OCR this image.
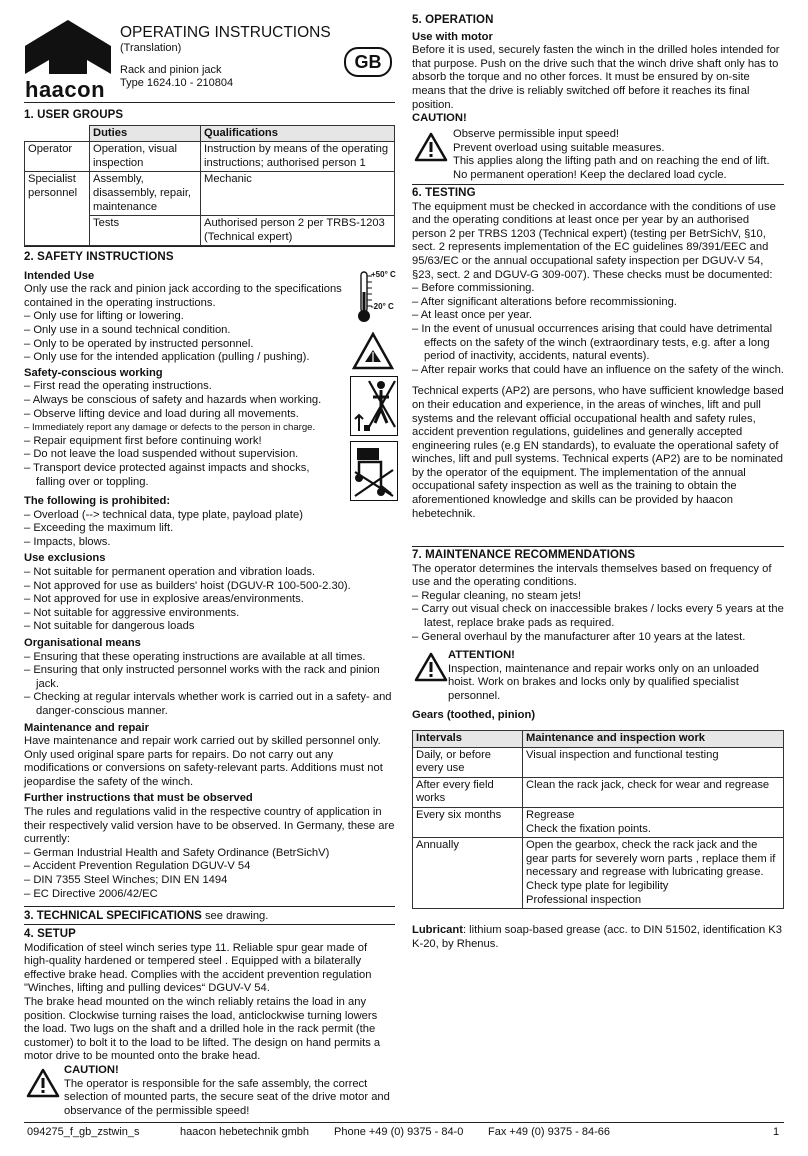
haacon
OPERATING INSTRUCTIONS
(Translation)
Rack and pinion jack
Type 1624.10 - 210804
GB
1. USER GROUPS
	Duties	Qualifications
Operator	Operation, visual inspection	Instruction by means of the operating instructions; authorised person 1
Specialist personnel	Assembly, disassembly, repair, maintenance	Mechanic
	Tests	Authorised person 2 per TRBS-1203 (Technical expert)
+50° C
-20° C
2. SAFETY INSTRUCTIONS
Intended Use

Only use the rack and pinion jack according to the specifications contained in the operating instructions.

– Only use for lifting or lowering.
– Only use in a sound technical condition.
– Only to be operated by instructed personnel.
– Only use for the intended application (pulling / pushing).
Safety-conscious working
– First read the operating instructions.
– Always be conscious of safety and hazards when working.
– Observe lifting device and load during all movements.
– Immediately report any damage or defects to the person in charge.
– Repair equipment first before continuing work!
– Do not leave the load suspended without supervision.
– Transport device protected against impacts and shocks, falling over or toppling.
The following is prohibited:
– Overload (--> technical data, type plate, payload plate)
– Exceeding the maximum lift.
– Impacts, blows.
Use exclusions
– Not suitable for permanent operation and vibration loads.
– Not approved for use as builders' hoist (DGUV-R 100-500-2.30).
– Not approved for use in explosive areas/environments.
– Not suitable for aggressive environments.
– Not suitable for dangerous loads
Organisational means
– Ensuring that these operating instructions are available at all times.
– Ensuring that only instructed personnel works with the rack and pinion jack.
– Checking at regular intervals whether work is carried out in a safety- and danger-conscious manner.
Maintenance and repair

Have maintenance and repair work carried out by skilled personnel only. Only used original spare parts for repairs. Do not carry out any modifications or conversions on safety-relevant parts. Additions must not jeopardise the safety of the winch.

Further instructions that must be observed

The rules and regulations valid in the respective country of application in their respectively valid version have to be observed. In Germany, these are currently:

– German Industrial Health and Safety Ordinance (BetrSichV)
– Accident Prevention Regulation DGUV-V 54
– DIN 7355 Steel Winches; DIN EN 1494
– EC Directive 2006/42/EC

3. TECHNICAL SPECIFICATIONS see drawing.

4. SETUP

Modification of steel winch series type 11. Reliable spur gear made of high-quality hardened or tempered steel . Equipped with a bilaterally effective brake head. Complies with the accident prevention regulation "Winches, lifting and pulling devices“ DGUV-V 54.

The brake head mounted on the winch reliably retains the load in any position. Clockwise turning raises the load, anticlockwise turning lowers the load. Two lugs on the shaft and a drilled hole in the rack permit (the customer) to bolt it to the load to be lifted. The design on hand permits a motor drive to be mounted onto the brake head.

CAUTION!

The operator is responsible for the safe assembly, the correct selection of mounted parts, the secure seat of the drive motor and observance of the permissible speed!

5. OPERATION
Use with motor

Before it is used, securely fasten the winch in the drilled holes intended for that purpose. Push on the drive such that the winch drive shaft only has to absorb the torque and no other forces. It must be ensured by on-site means that the drive is reliably switched off before it reaches its final position.

CAUTION!

Observe permissible input speed!

Prevent overload using suitable measures.

This applies along the lifting path and on reaching the end of lift.

No permanent operation! Keep the declared load cycle.

6. TESTING

The equipment must be checked in accordance with the conditions of use and the operating conditions at least once per year by an authorised person 2 per TRBS 1203 (Technical expert) (testing per BetrSichV, §10, sect. 2 represents implementation of the EC guidelines 89/391/EEC and 95/63/EC or the annual occupational safety inspection per DGUV-V 54, §23, sect. 2 and DGUV-G 309-007). These checks must be documented:

– Before commissioning.
– After significant alterations before recommissioning.
– At least once per year.
– In the event of unusual occurrences arising that could have detrimental effects on the safety of the winch (extraordinary tests, e.g. after a long period of inactivity, accidents, natural events).
– After repair works that could have an influence on the safety of the winch.

Technical experts (AP2) are persons, who have sufficient knowledge based on their education and experience, in the areas of winches, lift and pull systems and the relevant official occupational health and safety rules, accident prevention regulations, guidelines and generally accepted engineering rules (e.g EN standards), to evaluate the operational safety of winches, lift and pull systems. Technical experts (AP2) are to be nominated by the operator of the equipment. The implementation of the annual occupational safety inspection as well as the training to obtain the aforementioned knowledge and skills can be provided by haacon hebetechnik.

7. MAINTENANCE RECOMMENDATIONS

The operator determines the intervals themselves based on frequency of use and the operating conditions.

– Regular cleaning, no steam jets!
– Carry out visual check on inaccessible brakes / locks every 5 years at the latest, replace brake pads as required.
– General overhaul by the manufacturer after 10 years at the latest.
ATTENTION!

Inspection, maintenance and repair works only on an unloaded hoist. Work on brakes and locks only by qualified specialist personnel.

Gears (toothed, pinion)
Intervals	Maintenance and inspection work
Daily, or before every use	Visual inspection and functional testing
After every field works	Clean the rack jack, check for wear and regrease
Every six months	Regrease
Check the fixation points.

Annually	Open the gearbox, check the rack jack and the gear parts for severely worn parts , replace them if necessary and regrease with lubricating grease.
Check type plate for legibility
Professional inspection

Lubricant: lithium soap-based grease (acc. to DIN 51502, identification K3 K-20, by Rhenus.

094275_f_gb_zstwin_s	haacon hebetechnik gmbh Phone +49 (0) 9375 - 84-0 Fax +49 (0) 9375 - 84-66	1
